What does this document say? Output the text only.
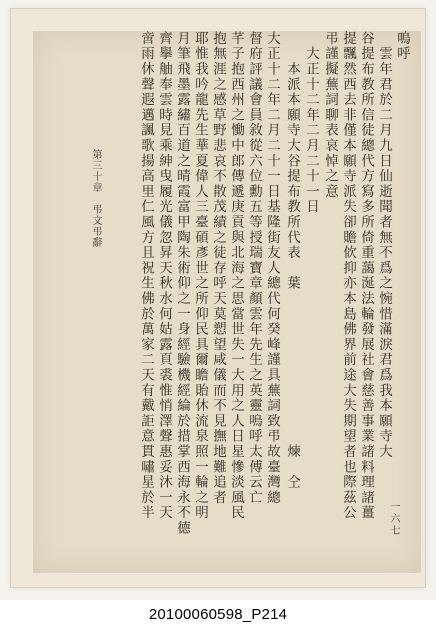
嗚呼
　雲年君於二月九日仙逝聞者無不爲之惋惜滿淚君爲我本願寺大
谷提布教所信徒總代方寫多所倚重藹涎法輪發展社會慈善事業諸料理諸薑
提飄然西去非僅本願寺派失卻贍佽抑亦本島佛界前途大失期望者也際茲公
弔謹擬蕪詞聊表哀悼之意
　大正十二年二月二十一日
　　本派本願寺大谷提布教所代表　葉　　　　　　　　　　煉　仝
大正十二年二月二十一日基隆街友人總代何癸峰謹具蕪詞致弔故臺灣總
督府評議會員敘從六位勳五等授瑞寶章顏雲年先生之英靈嗚呼太傅云亡
芊子抱西州之慟中郎傳遞庚貢與北海之思當世失一大用之人日星慘淡風民
抱無涯之感草野悲哀不散茂績之徒存呼天莫愬望咸儀而不見撫地難追者
耶惟我吟龍先生華夏偉人三臺碩彥世之所仰民具爾瞻貽休流泉照一輪之明
月筆飛墨露繡百道之晴霞富甲陶朱術仰之一身經驗機經綸於措掌西海永不德
齊擧舳奉雲時見乘紳曳履光儀忽昇天秋水何姑露頁裘惟悄澤聲惠妥沐一天
啻雨休聲遐邁諷歌揚高里仁風方且祝生佛於萬家二天有戴詎意貫嘯星於半
第三十章　弔文弔辭
一六七
20100060598_P214
